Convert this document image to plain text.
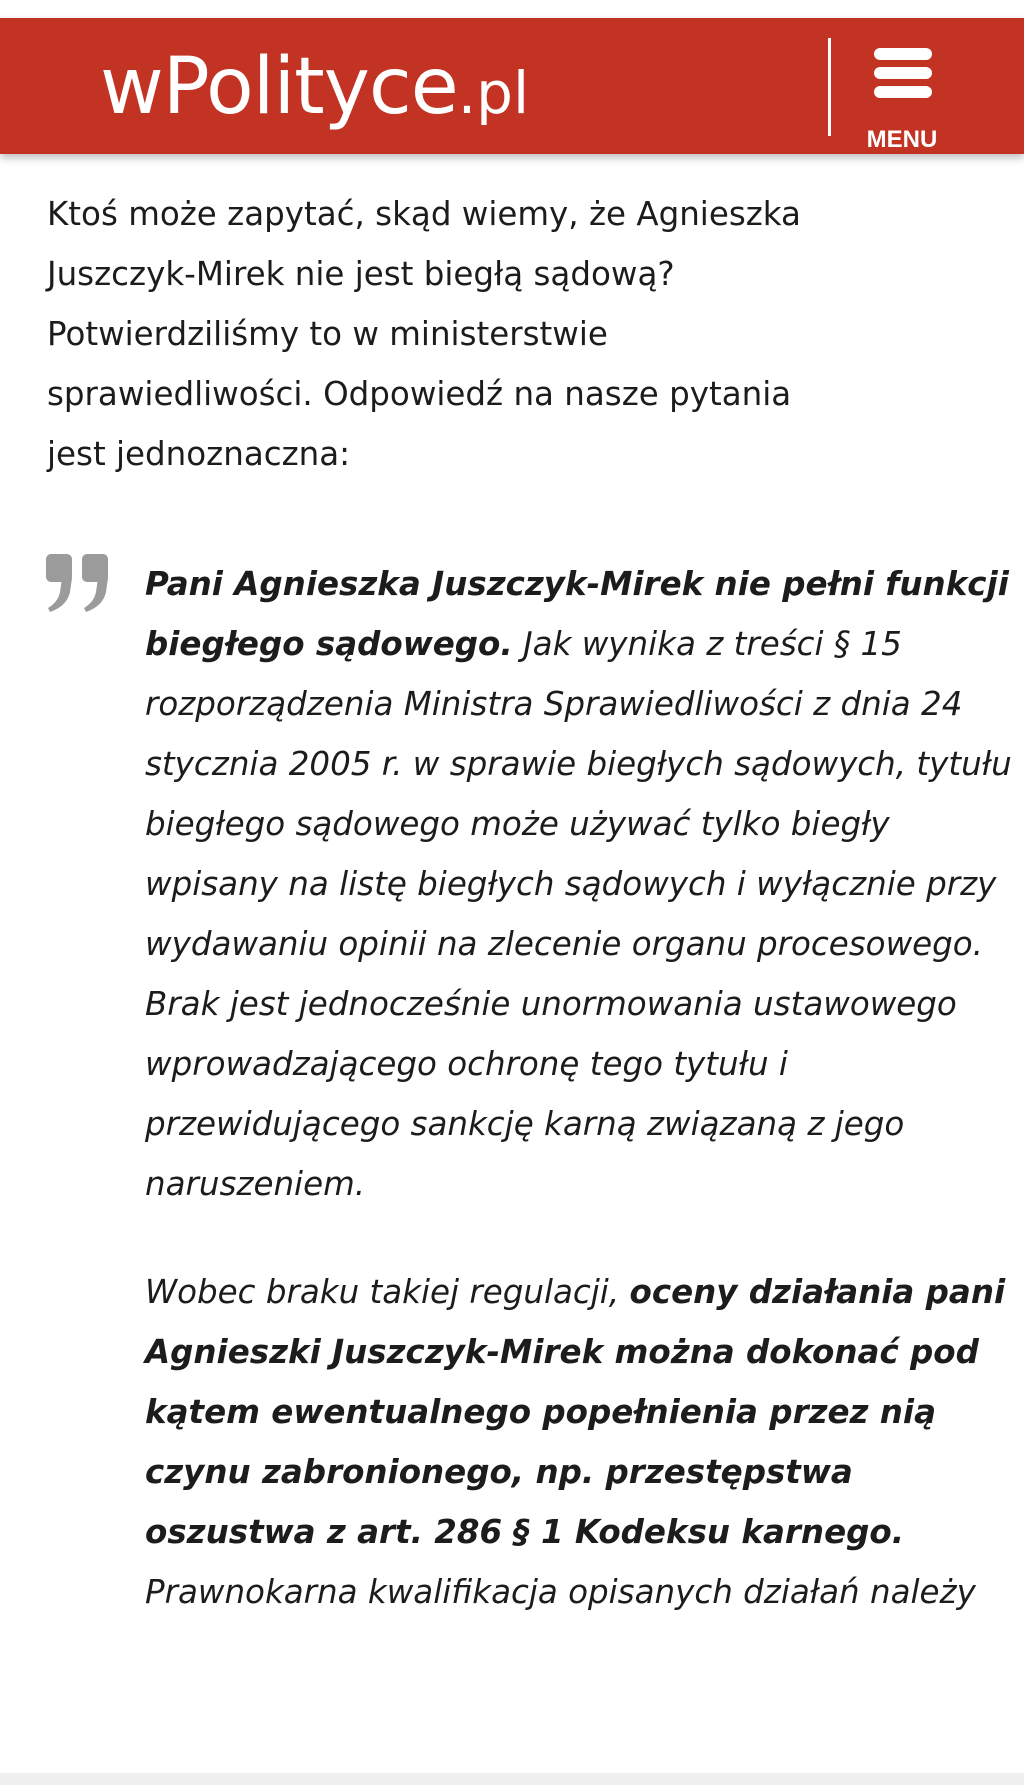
wPolityce.pl
MENU

Ktoś może zapytać, skąd wiemy, że Agnieszka
Juszczyk-Mirek nie jest biegłą sądową?
Potwierdziliśmy to w ministerstwie
sprawiedliwości. Odpowiedź na nasze pytania
jest jednoznaczna:

Pani Agnieszka Juszczyk-Mirek nie pełni funkcji biegłego sądowego. Jak wynika z treści § 15 rozporządzenia Ministra Sprawiedliwości z dnia 24 stycznia 2005 r. w sprawie biegłych sądowych, tytułu biegłego sądowego może używać tylko biegły wpisany na listę biegłych sądowych i wyłącznie przy wydawaniu opinii na zlecenie organu procesowego. Brak jest jednocześnie unormowania ustawowego wprowadzającego ochronę tego tytułu i przewidującego sankcję karną związaną z jego naruszeniem.

Wobec braku takiej regulacji, oceny działania pani Agnieszki Juszczyk-Mirek można dokonać pod kątem ewentualnego popełnienia przez nią czynu zabronionego, np. przestępstwa oszustwa z art. 286 § 1 Kodeksu karnego. Prawnokarna kwalifikacja opisanych działań należy
